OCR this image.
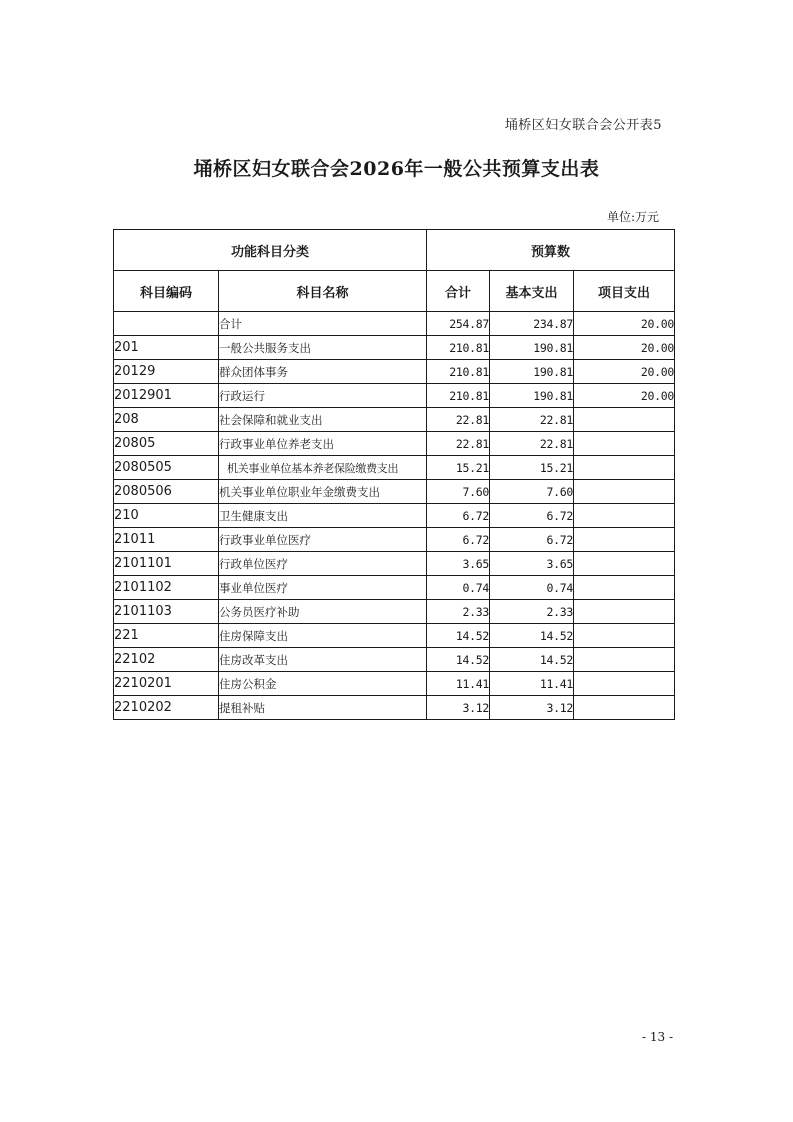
埇桥区妇女联合会公开表5
埇桥区妇女联合会2026年一般公共预算支出表
单位:万元
功能科目分类		预算数		
科目编码	科目名称	合计	基本支出	项目支出
	合计	254.87	234.87	20.00
201	一般公共服务支出	210.81	190.81	20.00
20129	群众团体事务	210.81	190.81	20.00
2012901	行政运行	210.81	190.81	20.00
208	社会保障和就业支出	22.81	22.81	
20805	行政事业单位养老支出	22.81	22.81	
2080505	机关事业单位基本养老保险缴费支出	15.21	15.21	
2080506	机关事业单位职业年金缴费支出	7.60	7.60	
210	卫生健康支出	6.72	6.72	
21011	行政事业单位医疗	6.72	6.72	
2101101	行政单位医疗	3.65	3.65	
2101102	事业单位医疗	0.74	0.74	
2101103	公务员医疗补助	2.33	2.33	
221	住房保障支出	14.52	14.52	
22102	住房改革支出	14.52	14.52	
2210201	住房公积金	11.41	11.41	
2210202	提租补贴	3.12	3.12	
- 13 -
